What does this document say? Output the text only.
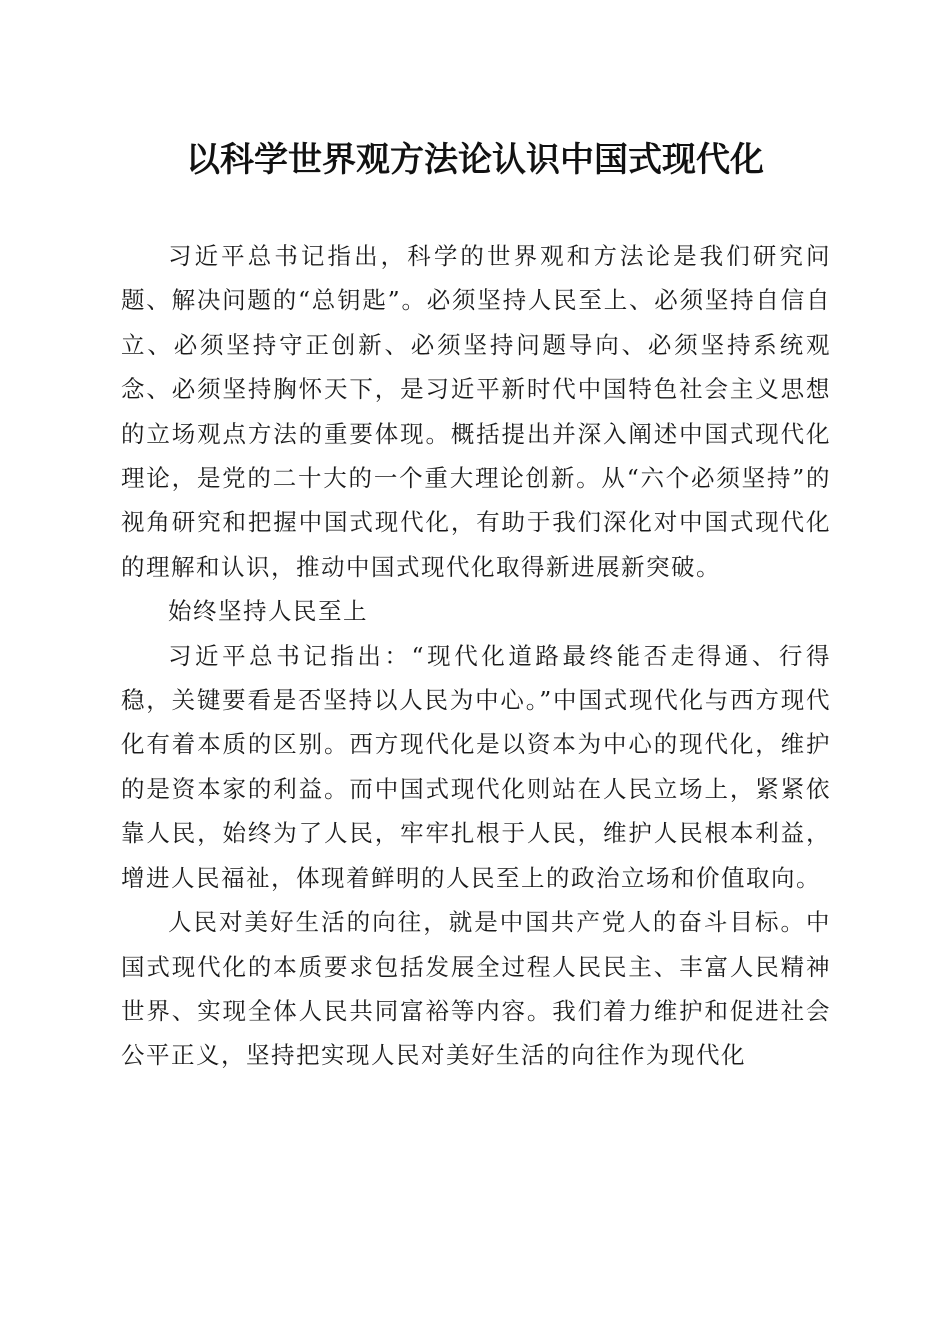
以科学世界观方法论认识中国式现代化

习近平总书记指出，科学的世界观和方法论是我们研究问题、解决问题的“总钥匙”。必须坚持人民至上、必须坚持自信自立、必须坚持守正创新、必须坚持问题导向、必须坚持系统观念、必须坚持胸怀天下，是习近平新时代中国特色社会主义思想的立场观点方法的重要体现。概括提出并深入阐述中国式现代化理论，是党的二十大的一个重大理论创新。从“六个必须坚持”的视角研究和把握中国式现代化，有助于我们深化对中国式现代化的理解和认识，推动中国式现代化取得新进展新突破。

始终坚持人民至上

习近平总书记指出：“现代化道路最终能否走得通、行得稳，关键要看是否坚持以人民为中心。”中国式现代化与西方现代化有着本质的区别。西方现代化是以资本为中心的现代化，维护的是资本家的利益。而中国式现代化则站在人民立场上，紧紧依靠人民，始终为了人民，牢牢扎根于人民，维护人民根本利益，增进人民福祉，体现着鲜明的人民至上的政治立场和价值取向。

人民对美好生活的向往，就是中国共产党人的奋斗目标。中国式现代化的本质要求包括发展全过程人民民主、丰富人民精神世界、实现全体人民共同富裕等内容。我们着力维护和促进社会公平正义，坚持把实现人民对美好生活的向往作为现代化
